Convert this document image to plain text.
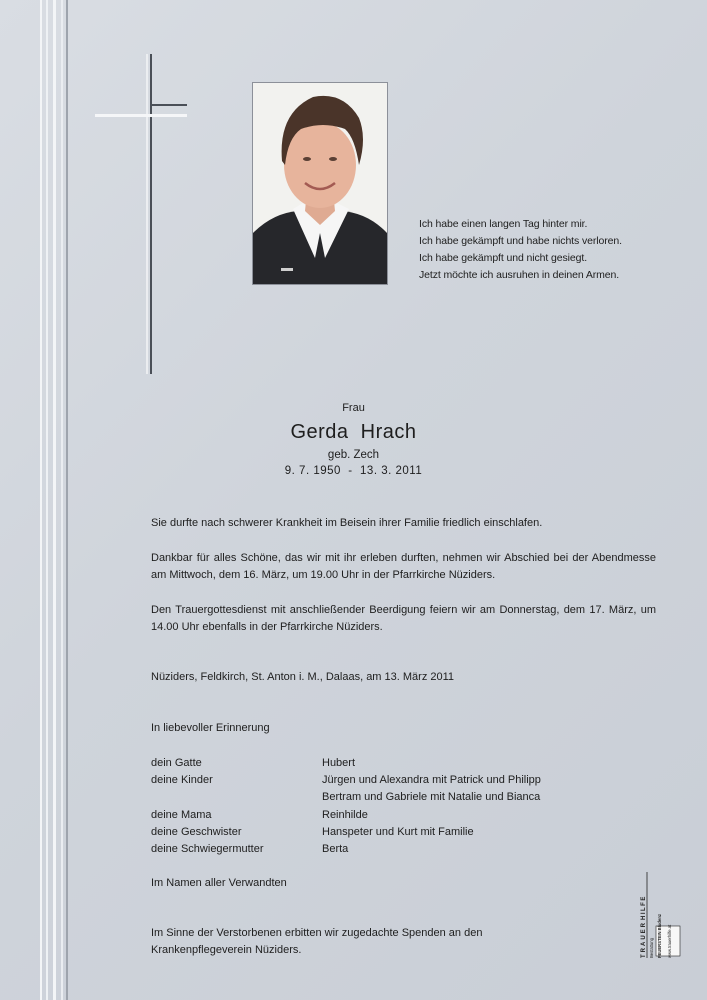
Ich habe einen langen Tag hinter mir.
Ich habe gekämpft und habe nichts verloren.
Ich habe gekämpft und nicht gesiegt.
Jetzt möchte ich ausruhen in deinen Armen.
Frau
Gerda  Hrach
geb. Zech
9. 7. 1950  -  13. 3. 2011
Sie durfte nach schwerer Krankheit im Beisein ihrer Familie friedlich einschlafen.
Dankbar für alles Schöne, das wir mit ihr erleben durften, nehmen wir Abschied bei der Abendmesse am Mittwoch, dem 16. März, um 19.00 Uhr in der Pfarrkirche Nüziders.
Den Trauergottesdienst mit anschließender Beerdigung feiern wir am Donnerstag, dem 17. März, um 14.00 Uhr ebenfalls in der Pfarrkirche Nüziders.
Nüziders, Feldkirch, St. Anton i. M., Dalaas, am 13. März 2011
In liebevoller Erinnerung
dein Gatte	Hubert
deine Kinder	Jürgen und Alexandra mit Patrick und Philipp
Bertram und Gabriele mit Natalie und Bianca
deine Mama	Reinhilde
deine Geschwister	Hanspeter und Kurt mit Familie
deine Schwiegermutter	Berta
Im Namen aller Verwandten
Im Sinne der Verstorbenen erbitten wir zugedachte Spenden an den
Krankenpflegeverein Nüziders.	TRAUER
HILFE
Bestattung FEUERSTEIN Bludenz www.trauerhilfe.at
